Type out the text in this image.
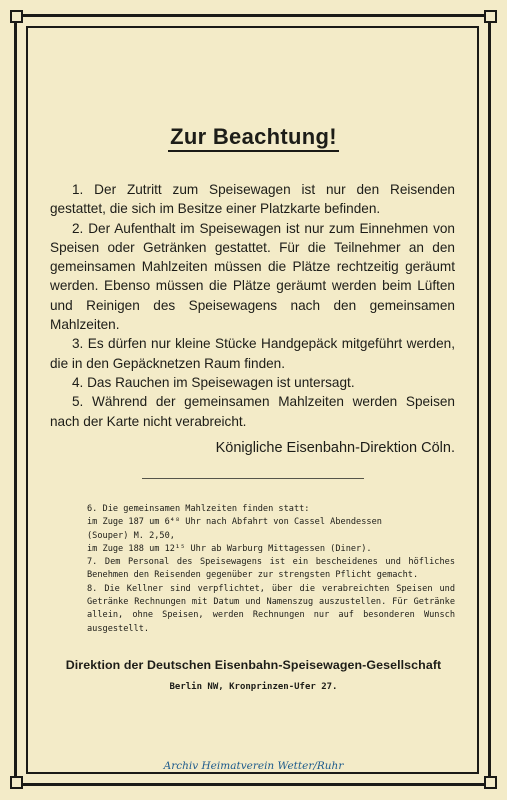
Zur Beachtung!

1. Der Zutritt zum Speisewagen ist nur den Reisenden gestattet, die sich im Besitze einer Platzkarte befinden.

2. Der Aufenthalt im Speisewagen ist nur zum Einnehmen von Speisen oder Getränken gestattet. Für die Teilnehmer an den gemeinsamen Mahlzeiten müssen die Plätze rechtzeitig geräumt werden. Ebenso müssen die Plätze geräumt werden beim Lüften und Reinigen des Speisewagens nach den gemeinsamen Mahlzeiten.

3. Es dürfen nur kleine Stücke Handgepäck mitgeführt werden, die in den Gepäcknetzen Raum finden.

4. Das Rauchen im Speisewagen ist untersagt.

5. Während der gemeinsamen Mahlzeiten werden Speisen nach der Karte nicht verabreicht.

Königliche Eisenbahn-Direktion Cöln.
6. Die gemeinsamen Mahlzeiten finden statt:
im Zuge 187 um 6⁴⁸ Uhr nach Abfahrt von Cassel Abendessen
(Souper) M. 2,50,
im Zuge 188 um 12¹⁵ Uhr ab Warburg Mittagessen (Diner).
7. Dem Personal des Speisewagens ist ein bescheidenes und höfliches Benehmen den Reisenden gegenüber zur strengsten Pflicht gemacht.
8. Die Kellner sind verpflichtet, über die verabreichten Speisen und Getränke Rechnungen mit Datum und Namenszug auszustellen. Für Getränke allein, ohne Speisen, werden Rechnungen nur auf besonderen Wunsch ausgestellt.
Direktion der Deutschen Eisenbahn-Speisewagen-Gesellschaft
Berlin NW, Kronprinzen-Ufer 27.
Archiv Heimatverein Wetter/Ruhr
